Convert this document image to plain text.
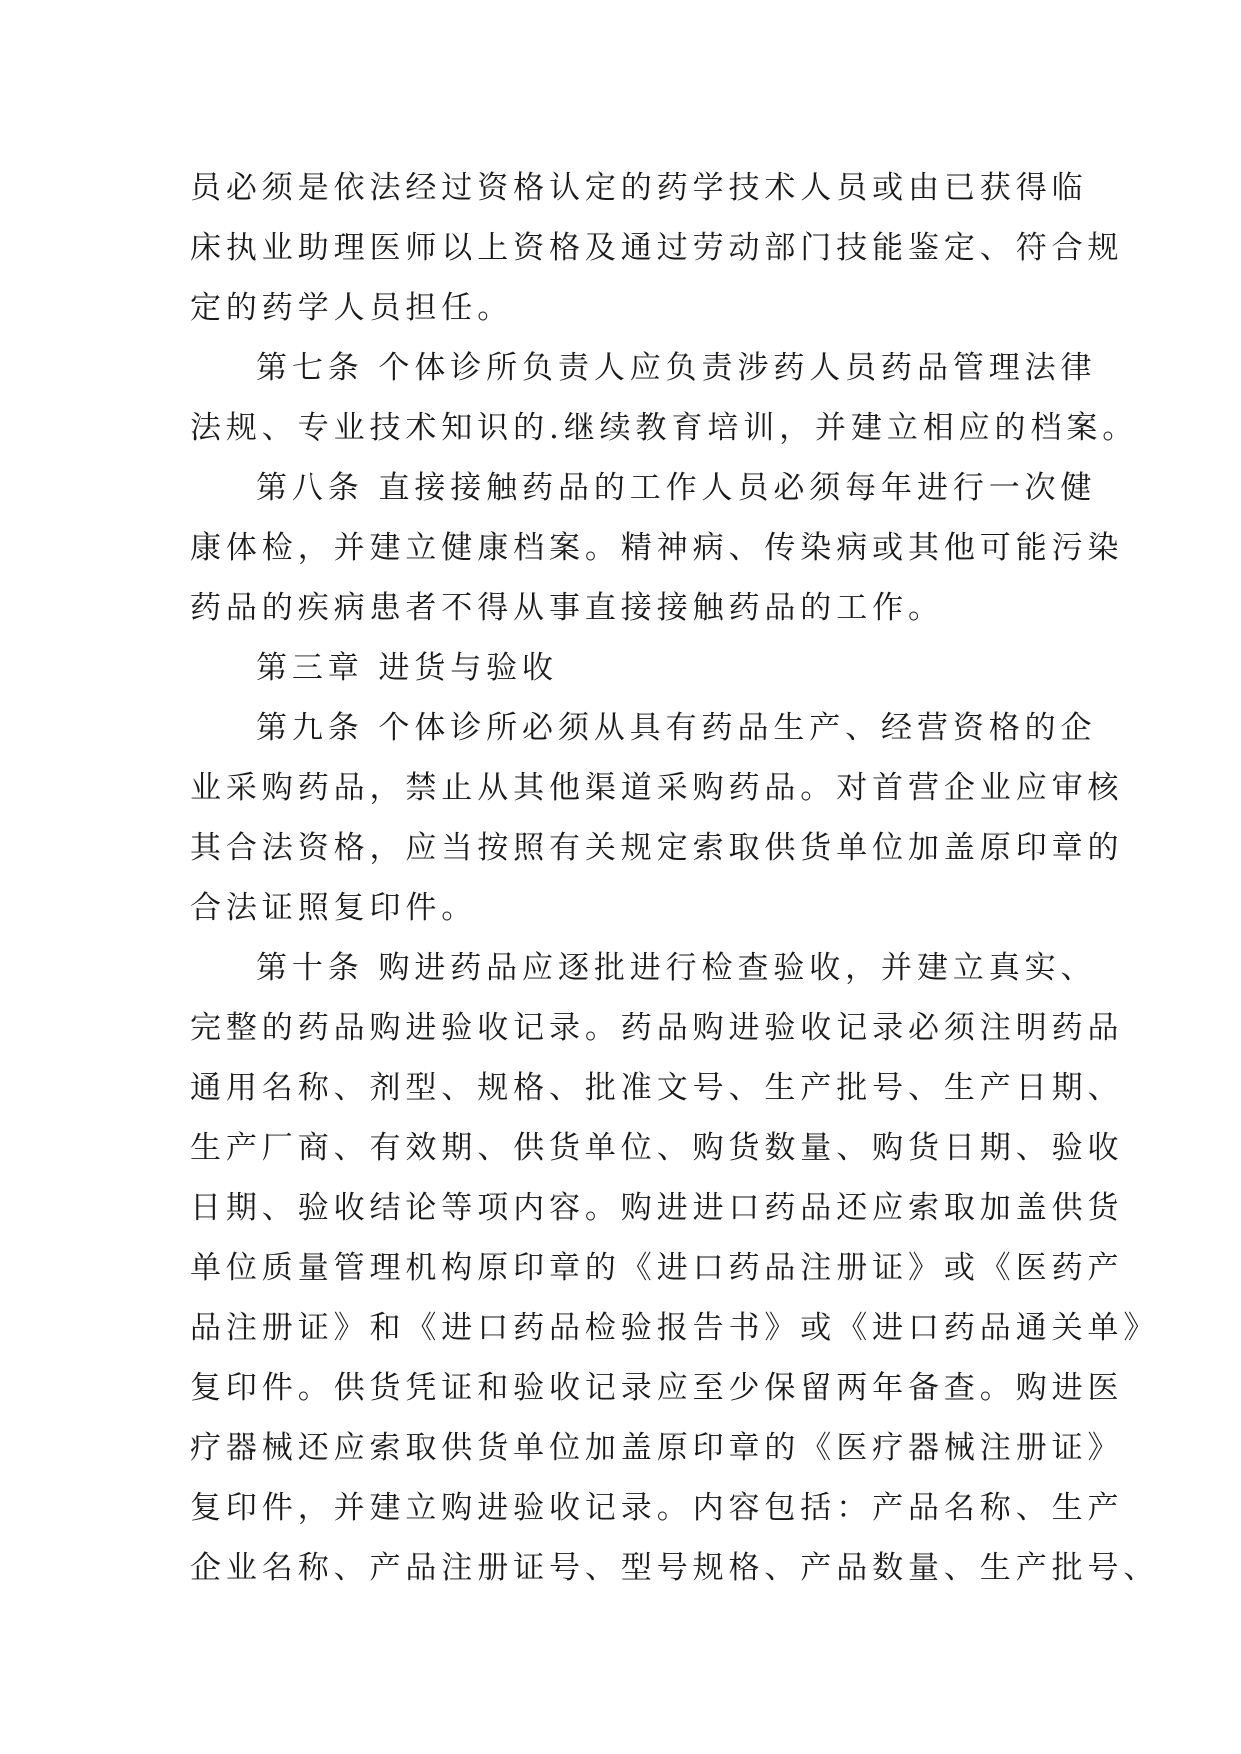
员必须是依法经过资格认定的药学技术人员或由已获得临
床执业助理医师以上资格及通过劳动部门技能鉴定、符合规
定的药学人员担任。
第七条 个体诊所负责人应负责涉药人员药品管理法律
法规、专业技术知识的.继续教育培训，并建立相应的档案。
第八条 直接接触药品的工作人员必须每年进行一次健
康体检，并建立健康档案。精神病、传染病或其他可能污染
药品的疾病患者不得从事直接接触药品的工作。
第三章 进货与验收
第九条 个体诊所必须从具有药品生产、经营资格的企
业采购药品，禁止从其他渠道采购药品。对首营企业应审核
其合法资格，应当按照有关规定索取供货单位加盖原印章的
合法证照复印件。
第十条 购进药品应逐批进行检查验收，并建立真实、
完整的药品购进验收记录。药品购进验收记录必须注明药品
通用名称、剂型、规格、批准文号、生产批号、生产日期、
生产厂商、有效期、供货单位、购货数量、购货日期、验收
日期、验收结论等项内容。购进进口药品还应索取加盖供货
单位质量管理机构原印章的《进口药品注册证》或《医药产
品注册证》和《进口药品检验报告书》或《进口药品通关单》
复印件。供货凭证和验收记录应至少保留两年备查。购进医
疗器械还应索取供货单位加盖原印章的《医疗器械注册证》
复印件，并建立购进验收记录。内容包括：产品名称、生产
企业名称、产品注册证号、型号规格、产品数量、生产批号、
